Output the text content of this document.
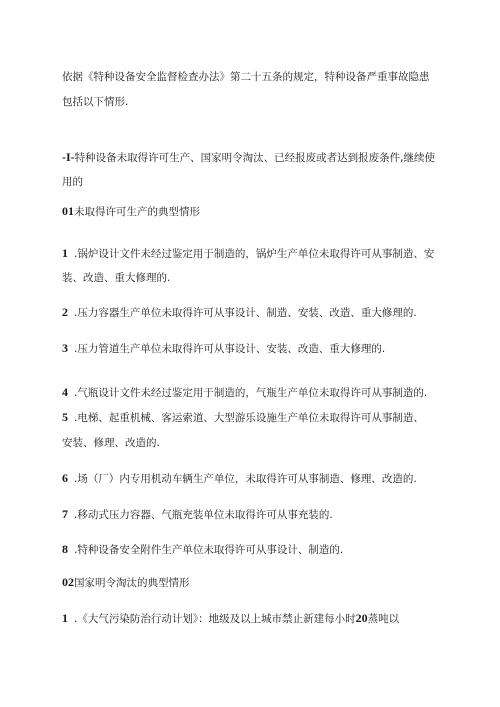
依据《特种设备安全监督检查办法》第二十五条的规定，特种设备严重事故隐患
包括以下情形.
-I-特种设备未取得许可生产、国家明令淘汰、已经报废或者达到报废条件,继续使
用的
01未取得许可生产的典型情形
1 .锅炉设计文件未经过鉴定用于制造的，锅炉生产单位未取得许可从事制造、安
装、改造、重大修理的.
2 .压力容器生产单位未取得许可从事设计、制造、安装、改造、重大修理的.
3 .压力管道生产单位未取得许可从事设计、安装、改造、重大修理的.
4 .气瓶设计文件未经过鉴定用于制造的，气瓶生产单位未取得许可从事制造的.
5 .电梯、起重机械、客运索道、大型游乐设施生产单位未取得许可从事制造、
安装、修理、改造的.
6 .场（厂）内专用机动车辆生产单位，未取得许可从事制造、修理、改造的.
7 .移动式压力容器、气瓶充装单位未取得许可从事充装的.
8 .特种设备安全附件生产单位未取得许可从事设计、制造的.
02国家明令淘汰的典型情形
1 .《大气污染防治行动计划》：地级及以上城市禁止新建每小时20蒸吨以
